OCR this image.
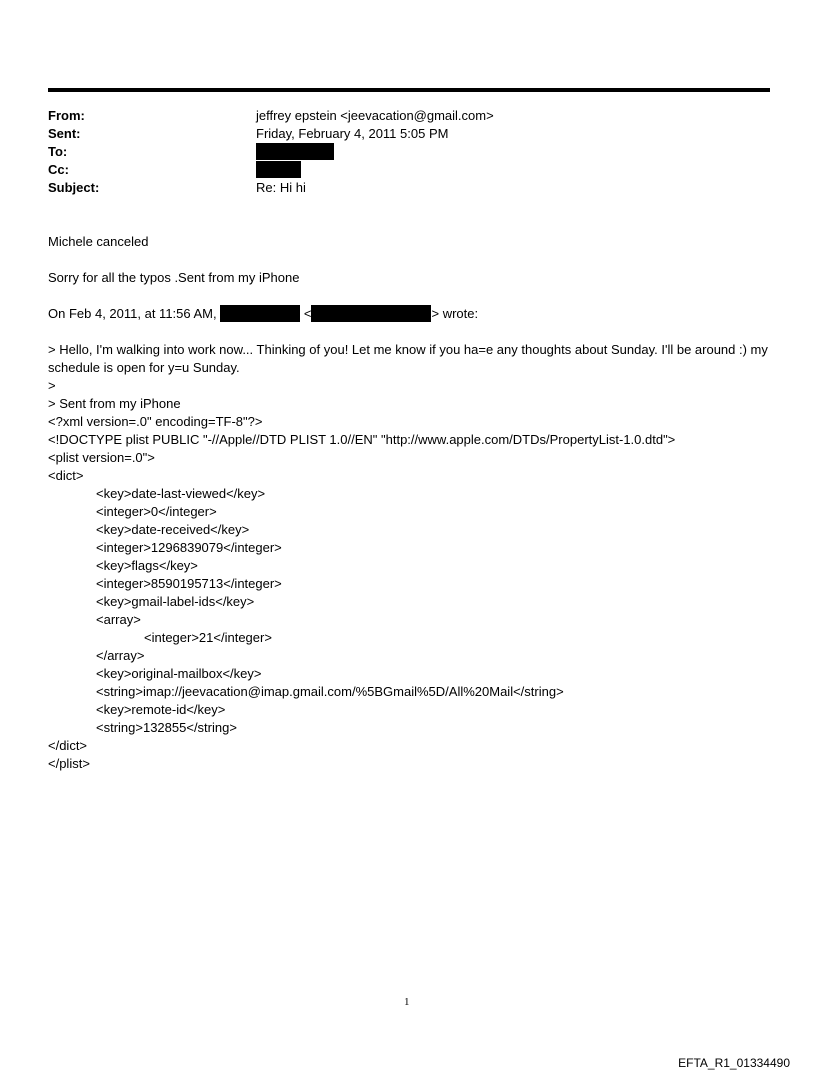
From:	jeffrey epstein <jeevacation@gmail.com>
Sent:	Friday, February 4, 2011 5:05 PM
To:
Cc:
Subject:	Re: Hi hi

Michele canceled

Sorry for all the typos .Sent from my iPhone

On Feb 4, 2011, at 11:56 AM,	<	> wrote:

> Hello, I'm walking into work now... Thinking of you! Let me know if you ha=e any thoughts about Sunday. I'll be around :) my schedule is open for y=u Sunday.

>
> Sent from my iPhone
<?xml version=.0" encoding=TF-8"?>
<!DOCTYPE plist PUBLIC "-//Apple//DTD PLIST 1.0//EN" "http://www.apple.com/DTDs/PropertyList-1.0.dtd">
<plist version=.0">
<dict>
<key>date-last-viewed</key>
<integer>0</integer>
<key>date-received</key>
<integer>1296839079</integer>
<key>flags</key>
<integer>8590195713</integer>
<key>gmail-label-ids</key>
<array>
<integer>21</integer>
</array>
<key>original-mailbox</key>
<string>imap://jeevacation@imap.gmail.com/%5BGmail%5D/All%20Mail</string>
<key>remote-id</key>
<string>132855</string>
</dict>
</plist>
1
EFTA_R1_01334490
